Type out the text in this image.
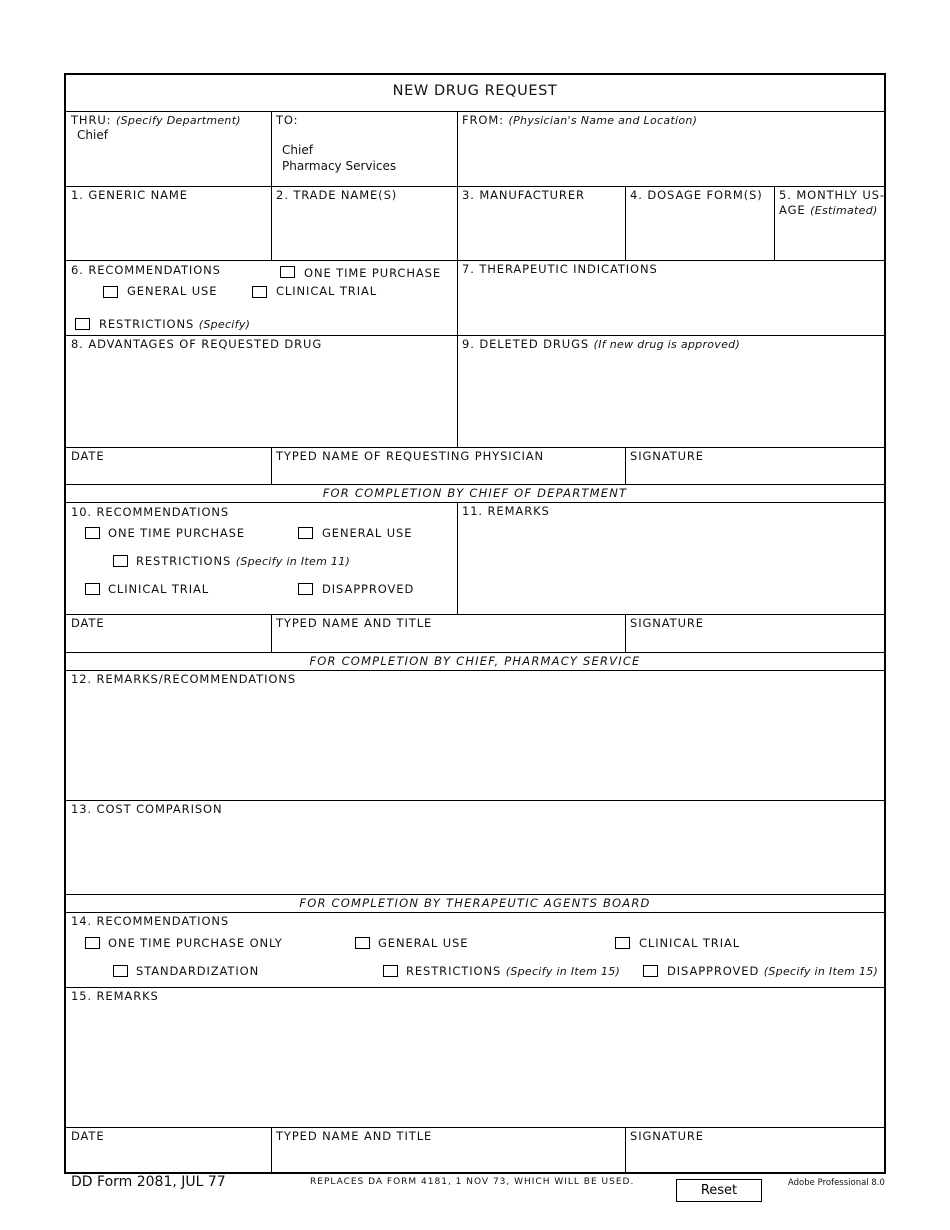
NEW DRUG REQUEST
THRU: (Specify Department)
Chief
TO:
Chief
Pharmacy Services
FROM: (Physician's Name and Location)
1. GENERIC NAME	2. TRADE NAME(S)	3. MANUFACTURER	4. DOSAGE FORM(S) 5. MONTHLY US-
AGE (Estimated)
6. RECOMMENDATIONS	ONE TIME PURCHASE
GENERAL USE	CLINICAL TRIAL
RESTRICTIONS (Specify)
7. THERAPEUTIC INDICATIONS
8. ADVANTAGES OF REQUESTED DRUG	9. DELETED DRUGS (If new drug is approved)
DATE	TYPED NAME OF REQUESTING PHYSICIAN	SIGNATURE
FOR COMPLETION BY CHIEF OF DEPARTMENT
10. RECOMMENDATIONS
ONE TIME PURCHASE	GENERAL USE
RESTRICTIONS (Specify in Item 11)
CLINICAL TRIAL	DISAPPROVED
11. REMARKS
DATE	TYPED NAME AND TITLE	SIGNATURE
FOR COMPLETION BY CHIEF, PHARMACY SERVICE
12. REMARKS/RECOMMENDATIONS
13. COST COMPARISON
FOR COMPLETION BY THERAPEUTIC AGENTS BOARD
14. RECOMMENDATIONS
ONE TIME PURCHASE ONLY	GENERAL USE	CLINICAL TRIAL
STANDARDIZATION	RESTRICTIONS (Specify in Item 15)	DISAPPROVED (Specify in Item 15)
15. REMARKS
DATE	TYPED NAME AND TITLE	SIGNATURE
DD Form 2081, JUL 77	REPLACES DA FORM 4181, 1 NOV 73, WHICH WILL BE USED.
Reset	Adobe Professional 8.0
